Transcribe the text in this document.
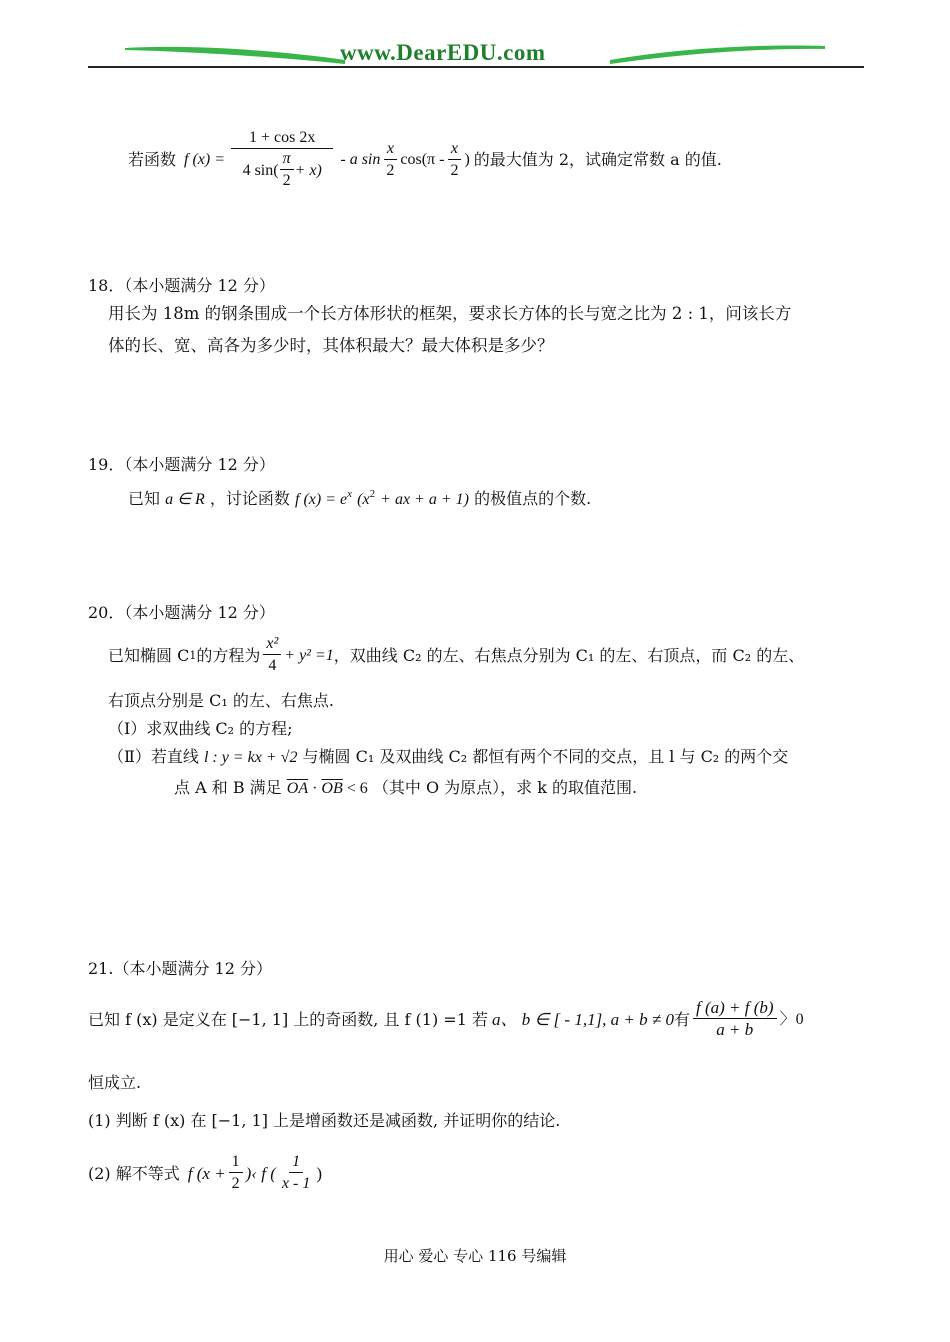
www.DearEDU.com
若函数 f $(x) = \frac{1 + \cos 2x}{4 \sin( \frac{\pi}{2} + x)} - a$ $\sin \frac{x}{2} \cos(\pi - \frac{x}{2}$ ) 的最大值为 2，试确定常数 a 的值.
18．（本小题满分 12 分）
用长为 18m 的钢条围成一个长方体形状的框架，要求长方体的长与宽之比为 2 : 1，问该长方
体的长、宽、高各为多少时，其体积最大？最大体积是多少？
19．（本小题满分 12 分）
已知 a ∈ R ，讨论函数 f $(x) = e^x$ ($x^2$ + ax + a + 1) 的极值点的个数.
20．（本小题满分 12 分）
已知椭圆 C 1 的方程为 $\frac{\text{x²}}{4} + y^2 =1$ ，双曲线 C₂ 的左、右焦点分别为 C₁ 的左、右顶点，而 C₂ 的左、
右顶点分别是 C₁ 的左、右焦点.
（Ⅰ）求双曲线 C₂ 的方程;
（Ⅱ）若直线 l : y = kx + √2 与椭圆 C₁ 及双曲线 C₂ 都恒有两个不同的交点，且 l 与 C₂ 的两个交
点 A 和 B 满足 $\overline{OA} \cdot \overline{OB} < 6$ （其中 O 为原点），求 k 的取值范围.
21.（本小题满分 12 分）
已知 f (x) 是定义在 [−1, 1] 上的奇函数, 且 f (1) =1 若 a、 b ∈ [ - 1,1], a + b ≠ 0 有 $\frac{f (a) + f (b)}{a + b}$ 〉0
恒成立.
(1) 判断 f (x) 在 [−1, 1] 上是增函数还是减函数, 并证明你的结论.
(2) 解不等式 f ($x + \frac{1}{2}$ )‹ f ( $\frac{1}{x - 1}$ )
用心 爱心 专心 116 号编辑
